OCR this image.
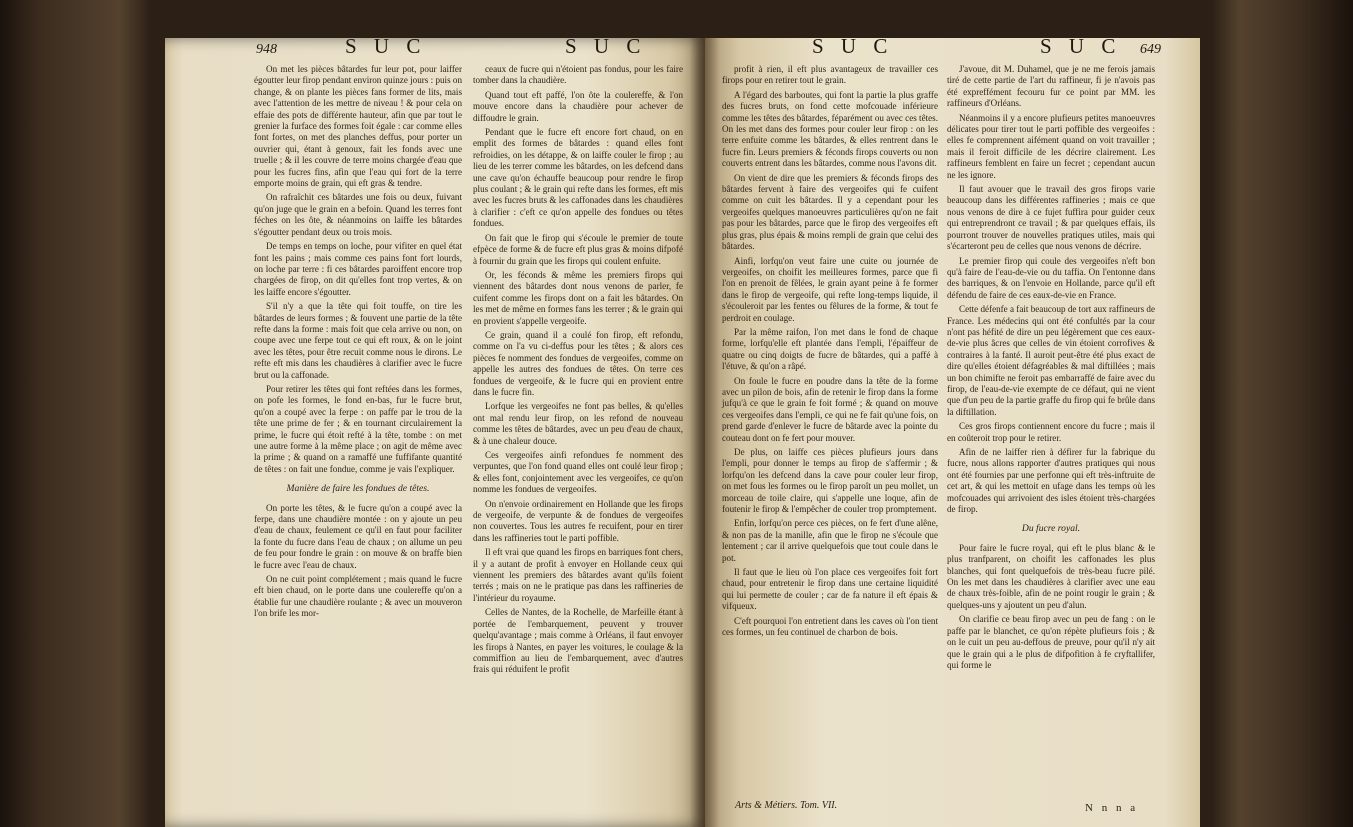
948	S U C	S U C	S U C	S U C 649

On met les pièces bâtardes fur leur pot, pour laiffer égoutter leur firop pendant environ quinze jours : puis on change, & on plante les pièces fans former de lits, mais avec l'attention de les mettre de niveau ! & pour cela on effaie des pots de différente hauteur, afin que par tout le grenier la furface des formes foit égale : car comme elles font fortes, on met des planches deffus, pour porter un ouvrier qui, étant à genoux, fait les fonds avec une truelle ; & il les couvre de terre moins chargée d'eau que pour les fucres fins, afin que l'eau qui fort de la terre emporte moins de grain, qui eft gras & tendre.

On rafraîchit ces bâtardes une fois ou deux, fuivant qu'on juge que le grain en a befoin. Quand les terres font féches on les ôte, & néanmoins on laiffe les bâtardes s'égoutter pendant deux ou trois mois.

De temps en temps on loche, pour vifiter en quel état font les pains ; mais comme ces pains font fort lourds, on loche par terre : fi ces bâtardes paroiffent encore trop chargées de firop, on dit qu'elles font trop vertes, & on les laiffe encore s'égoutter.

S'il n'y a que la tête qui foit touffe, on tire les bâtardes de leurs formes ; & fouvent une partie de la tête refte dans la forme : mais foit que cela arrive ou non, on coupe avec une ferpe tout ce qui eft roux, & on le joint avec les têtes, pour être recuit comme nous le dirons. Le refte eft mis dans les chaudières à clarifier avec le fucre brut ou la caffonade.

Pour retirer les têtes qui font reftées dans les formes, on pofe les formes, le fond en-bas, fur le fucre brut, qu'on a coupé avec la ferpe : on paffe par le trou de la tête une prime de fer ; & en tournant circulairement la prime, le fucre qui étoit refté à la tête, tombe : on met une autre forme à la même place ; on agit de même avec la prime ; & quand on a ramaffé une fuffifante quantité de têtes : on fait une fondue, comme je vais l'expliquer.

Manière de faire les fondues de têtes.

On porte les têtes, & le fucre qu'on a coupé avec la ferpe, dans une chaudière montée : on y ajoute un peu d'eau de chaux, feulement ce qu'il en faut pour faciliter la fonte du fucre dans l'eau de chaux ; on allume un peu de feu pour fondre le grain : on mouve & on braffe bien le fucre avec l'eau de chaux.

On ne cuit point complétement ; mais quand le fucre eft bien chaud, on le porte dans une coulereffe qu'on a établie fur une chaudière roulante ; & avec un mouveron l'on brife les mor-

ceaux de fucre qui n'étoient pas fondus, pour les faire tomber dans la chaudière.

Quand tout eft paffé, l'on ôte la coulereffe, & l'on mouve encore dans la chaudière pour achever de diffoudre le grain.

Pendant que le fucre eft encore fort chaud, on en emplit des formes de bâtardes : quand elles font refroidies, on les détappe, & on laiffe couler le firop ; au lieu de les terrer comme les bâtardes, on les defcend dans une cave qu'on échauffe beaucoup pour rendre le firop plus coulant ; & le grain qui refte dans les formes, eft mis avec les fucres bruts & les caffonades dans les chaudières à clarifier : c'eft ce qu'on appelle des fondues ou têtes fondues.

On fait que le firop qui s'écoule le premier de toute efpèce de forme & de fucre eft plus gras & moins difpofé à fournir du grain que les firops qui coulent enfuite.

Or, les féconds & même les premiers firops qui viennent des bâtardes dont nous venons de parler, fe cuifent comme les firops dont on a fait les bâtardes. On les met de même en formes fans les terrer ; & le grain qui en provient s'appelle vergeoife.

Ce grain, quand il a coulé fon firop, eft refondu, comme on l'a vu ci-deffus pour les têtes ; & alors ces pièces fe nomment des fondues de vergeoifes, comme on appelle les autres des fondues de têtes. On terre ces fondues de vergeoife, & le fucre qui en provient entre dans le fucre fin.

Lorfque les vergeoifes ne font pas belles, & qu'elles ont mal rendu leur firop, on les refond de nouveau comme les têtes de bâtardes, avec un peu d'eau de chaux, & à une chaleur douce.

Ces vergeoifes ainfi refondues fe nomment des verpuntes, que l'on fond quand elles ont coulé leur firop ; & elles font, conjointement avec les vergeoifes, ce qu'on nomme les fondues de vergeoifes.

On n'envoie ordinairement en Hollande que les firops de vergeoife, de verpunte & de fondues de vergeoifes non couvertes. Tous les autres fe recuifent, pour en tirer dans les raffineries tout le parti poffible.

Il eft vrai que quand les firops en barriques font chers, il y a autant de profit à envoyer en Hollande ceux qui viennent les premiers des bâtardes avant qu'ils foient terrés ; mais on ne le pratique pas dans les raffineries de l'intérieur du royaume.

Celles de Nantes, de la Rochelle, de Marfeille étant à portée de l'embarquement, peuvent y trouver quelqu'avantage ; mais comme à Orléans, il faut envoyer les firops à Nantes, en payer les voitures, le coulage & la commiffion au lieu de l'embarquement, avec d'autres frais qui réduifent le profit

profit à rien, il eft plus avantageux de travailler ces firops pour en retirer tout le grain.

A l'égard des barboutes, qui font la partie la plus graffe des fucres bruts, on fond cette mofcouade inférieure comme les têtes des bâtardes, féparément ou avec ces têtes. On les met dans des formes pour couler leur firop : on les terre enfuite comme les bâtardes, & elles rentrent dans le fucre fin. Leurs premiers & féconds firops couverts ou non couverts entrent dans les bâtardes, comme nous l'avons dit.

On vient de dire que les premiers & féconds firops des bâtardes fervent à faire des vergeoifes qui fe cuifent comme on cuit les bâtardes. Il y a cependant pour les vergeoifes quelques manoeuvres particulières qu'on ne fait pas pour les bâtardes, parce que le firop des vergeoifes eft plus gras, plus épais & moins rempli de grain que celui des bâtardes.

Ainfi, lorfqu'on veut faire une cuite ou journée de vergeoifes, on choifit les meilleures formes, parce que fi l'on en prenoit de fêlées, le grain ayant peine à fe former dans le firop de vergeoife, qui refte long-temps liquide, il s'écouleroit par les fentes ou fêlures de la forme, & tout fe perdroit en coulage.

Par la même raifon, l'on met dans le fond de chaque forme, lorfqu'elle eft plantée dans l'empli, l'épaiffeur de quatre ou cinq doigts de fucre de bâtardes, qui a paffé à l'étuve, & qu'on a râpé.

On foule le fucre en poudre dans la tête de la forme avec un pilon de bois, afin de retenir le firop dans la forme jufqu'à ce que le grain fe foit formé ; & quand on mouve ces vergeoifes dans l'empli, ce qui ne fe fait qu'une fois, on prend garde d'enlever le fucre de bâtarde avec la pointe du couteau dont on fe fert pour mouver.

De plus, on laiffe ces pièces plufieurs jours dans l'empli, pour donner le temps au firop de s'affermir ; & lorfqu'on les defcend dans la cave pour couler leur firop, on met fous les formes ou le firop paroît un peu mollet, un morceau de toile claire, qui s'appelle une loque, afin de foutenir le firop & l'empêcher de couler trop promptement.

Enfin, lorfqu'on perce ces pièces, on fe fert d'une alêne, & non pas de la manille, afin que le firop ne s'écoule que lentement ; car il arrive quelquefois que tout coule dans le pot.

Il faut que le lieu où l'on place ces vergeoifes foit fort chaud, pour entretenir le firop dans une certaine liquidité qui lui permette de couler ; car de fa nature il eft épais & vifqueux.

C'eft pourquoi l'on entretient dans les caves où l'on tient ces formes, un feu continuel de charbon de bois.

Arts & Métiers. Tom. VII.

J'avoue, dit M. Duhamel, que je ne me ferois jamais tiré de cette partie de l'art du raffineur, fi je n'avois pas été expreffément fecouru fur ce point par MM. les raffineurs d'Orléans.

Néanmoins il y a encore plufieurs petites manoeuvres délicates pour tirer tout le parti poffible des vergeoifes : elles fe comprennent aifément quand on voit travailler ; mais il feroit difficile de les décrire clairement. Les raffineurs femblent en faire un fecret ; cependant aucun ne les ignore.

Il faut avouer que le travail des gros firops varie beaucoup dans les différentes raffineries ; mais ce que nous venons de dire à ce fujet fuffira pour guider ceux qui entreprendront ce travail ; & par quelques effais, ils pourront trouver de nouvelles pratiques utiles, mais qui s'écarteront peu de celles que nous venons de décrire.

Le premier firop qui coule des vergeoifes n'eft bon qu'à faire de l'eau-de-vie ou du taffia. On l'entonne dans des barriques, & on l'envoie en Hollande, parce qu'il eft défendu de faire de ces eaux-de-vie en France.

Cette défenfe a fait beaucoup de tort aux raffineurs de France. Les médecins qui ont été confultés par la cour n'ont pas héfité de dire un peu légèrement que ces eaux-de-vie plus âcres que celles de vin étoient corrofives & contraires à la fanté. Il auroit peut-être été plus exact de dire qu'elles étoient défagréables & mal diftillées ; mais un bon chimifte ne feroit pas embarraffé de faire avec du firop, de l'eau-de-vie exempte de ce défaut, qui ne vient que d'un peu de la partie graffe du firop qui fe brûle dans la diftillation.

Ces gros firops contiennent encore du fucre ; mais il en coûteroit trop pour le retirer.

Afin de ne laiffer rien à défirer fur la fabrique du fucre, nous allons rapporter d'autres pratiques qui nous ont été fournies par une perfonne qui eft très-inftruite de cet art, & qui les mettoit en ufage dans les temps où les mofcouades qui arrivoient des isles étoient très-chargées de firop.

Du fucre royal.

Pour faire le fucre royal, qui eft le plus blanc & le plus tranfparent, on choifit les caffonades les plus blanches, qui font quelquefois de très-beau fucre pilé. On les met dans les chaudières à clarifier avec une eau de chaux très-foible, afin de ne point rougir le grain ; & quelques-uns y ajoutent un peu d'alun.

On clarifie ce beau firop avec un peu de fang : on le paffe par le blanchet, ce qu'on répète plufieurs fois ; & on le cuit un peu au-deffous de preuve, pour qu'il n'y ait que le grain qui a le plus de difpofition à fe cryftallifer, qui forme le

N n n a
